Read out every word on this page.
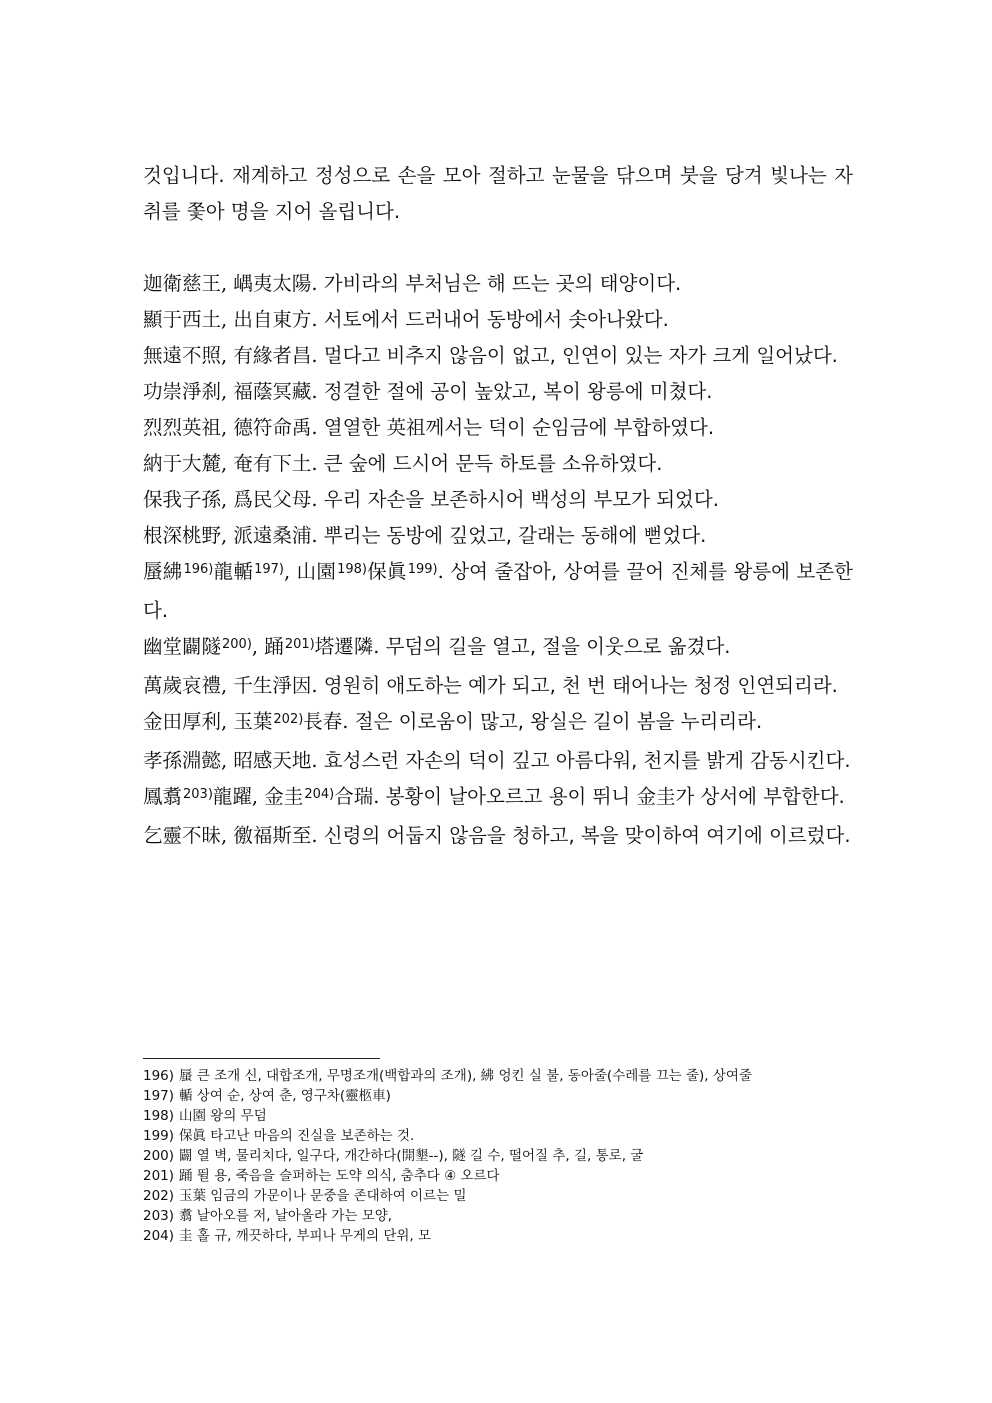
것입니다. 재계하고 정성으로 손을 모아 절하고 눈물을 닦으며 붓을 당겨 빛나는 자취를 쫓아 명을 지어 올립니다.

迦衛慈王, 嵎夷太陽. 가비라의 부처님은 해 뜨는 곳의 태양이다.

顯于西土, 出自東方. 서토에서 드러내어 동방에서 솟아나왔다.

無遠不照, 有緣者昌. 멀다고 비추지 않음이 없고, 인연이 있는 자가 크게 일어났다.

功崇淨刹, 福蔭冥藏. 정결한 절에 공이 높았고, 복이 왕릉에 미쳤다.

烈烈英祖, 德符命禹. 열열한 英祖께서는 덕이 순임금에 부합하였다.

納于大麓, 奄有下土. 큰 숲에 드시어 문득 하토를 소유하였다.

保我子孫, 爲民父母. 우리 자손을 보존하시어 백성의 부모가 되었다.

根深桃野, 派遠桑浦. 뿌리는 동방에 깊었고, 갈래는 동해에 뻗었다.

蜃紼$^{196)}$龍輴$^{197)}$, 山園$^{198)}$保眞$^{199)}$. 상여 줄잡아, 상여를 끌어 진체를 왕릉에 보존한다.

幽堂闢隧$^{200)}$, 踊$^{201)}$塔遷隣. 무덤의 길을 열고, 절을 이웃으로 옮겼다.

萬歲哀禮, 千生淨因. 영원히 애도하는 예가 되고, 천 번 태어나는 청정 인연되리라.

金田厚利, 玉葉$^{202)}$長春. 절은 이로움이 많고, 왕실은 길이 봄을 누리리라.

孝孫淵懿, 昭感天地. 효성스런 자손의 덕이 깊고 아름다워, 천지를 밝게 감동시킨다.

鳳翥$^{203)}$龍躍, 金圭$^{204)}$合瑞. 봉황이 날아오르고 용이 뛰니 金圭가 상서에 부합한다.

乞靈不昧, 徼福斯至. 신령의 어둡지 않음을 청하고, 복을 맞이하여 여기에 이르렀다.

196) 蜃 큰 조개 신, 대합조개, 무명조개(백합과의 조개), 紼 엉킨 실 불, 동아줄(수레를 끄는 줄), 상여줄

197) 輴 상여 순, 상여 춘, 영구차(靈柩車)

198) 山園 왕의 무덤

199) 保眞 타고난 마음의 진실을 보존하는 것.

200) 闢 열 벽, 물리치다, 일구다, 개간하다(開墾--), 隧 길 수, 떨어질 추, 길, 통로, 굴

201) 踊 뛸 용, 죽음을 슬퍼하는 도약 의식, 춤추다 ④ 오르다

202) 玉葉 임금의 가문이나 문중을 존대하여 이르는 밀

203) 翥 날아오를 저, 날아올라 가는 모양,

204) 圭 홀 규, 깨끗하다, 부피나 무게의 단위, 모
